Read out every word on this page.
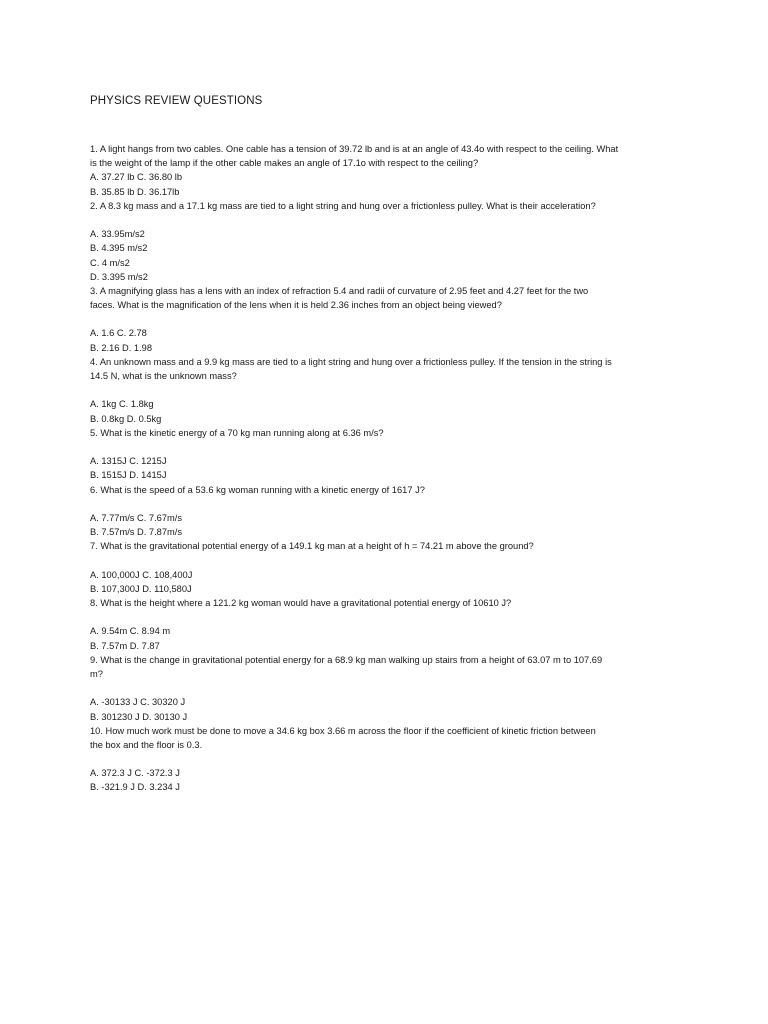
PHYSICS REVIEW QUESTIONS
1. A light hangs from two cables. One cable has a tension of 39.72 lb and is at an angle of 43.4o with respect to the ceiling. What
is the weight of the lamp if the other cable makes an angle of 17.1o with respect to the ceiling?
A. 37.27 lb C. 36.80 lb
B. 35.85 lb D. 36.17lb
2. A 8.3 kg mass and a 17.1 kg mass are tied to a light string and hung over a frictionless pulley. What is their acceleration?
A. 33.95m/s2
B. 4.395 m/s2
C. 4 m/s2
D. 3.395 m/s2
3. A magnifying glass has a lens with an index of refraction 5.4 and radii of curvature of 2.95 feet and 4.27 feet for the two
faces. What is the magnification of the lens when it is held 2.36 inches from an object being viewed?
A. 1.6 C. 2.78
B. 2.16 D. 1.98
4. An unknown mass and a 9.9 kg mass are tied to a light string and hung over a frictionless pulley. If the tension in the string is
14.5 N, what is the unknown mass?
A. 1kg C. 1.8kg
B. 0.8kg D. 0.5kg
5. What is the kinetic energy of a 70 kg man running along at 6.36 m/s?
A. 1315J C. 1215J
B. 1515J D. 1415J
6. What is the speed of a 53.6 kg woman running with a kinetic energy of 1617 J?
A. 7.77m/s C. 7.67m/s
B. 7.57m/s D. 7.87m/s
7. What is the gravitational potential energy of a 149.1 kg man at a height of h = 74.21 m above the ground?
A. 100,000J C. 108,400J
B. 107,300J D. 110,580J
8. What is the height where a 121.2 kg woman would have a gravitational potential energy of 10610 J?
A. 9.54m C. 8.94 m
B. 7.57m D. 7.87
9. What is the change in gravitational potential energy for a 68.9 kg man walking up stairs from a height of 63.07 m to 107.69
m?
A. -30133 J C. 30320 J
B. 301230 J D. 30130 J
10. How much work must be done to move a 34.6 kg box 3.66 m across the floor if the coefficient of kinetic friction between
the box and the floor is 0.3.
A. 372.3 J C. -372.3 J
B. -321.9 J D. 3.234 J
